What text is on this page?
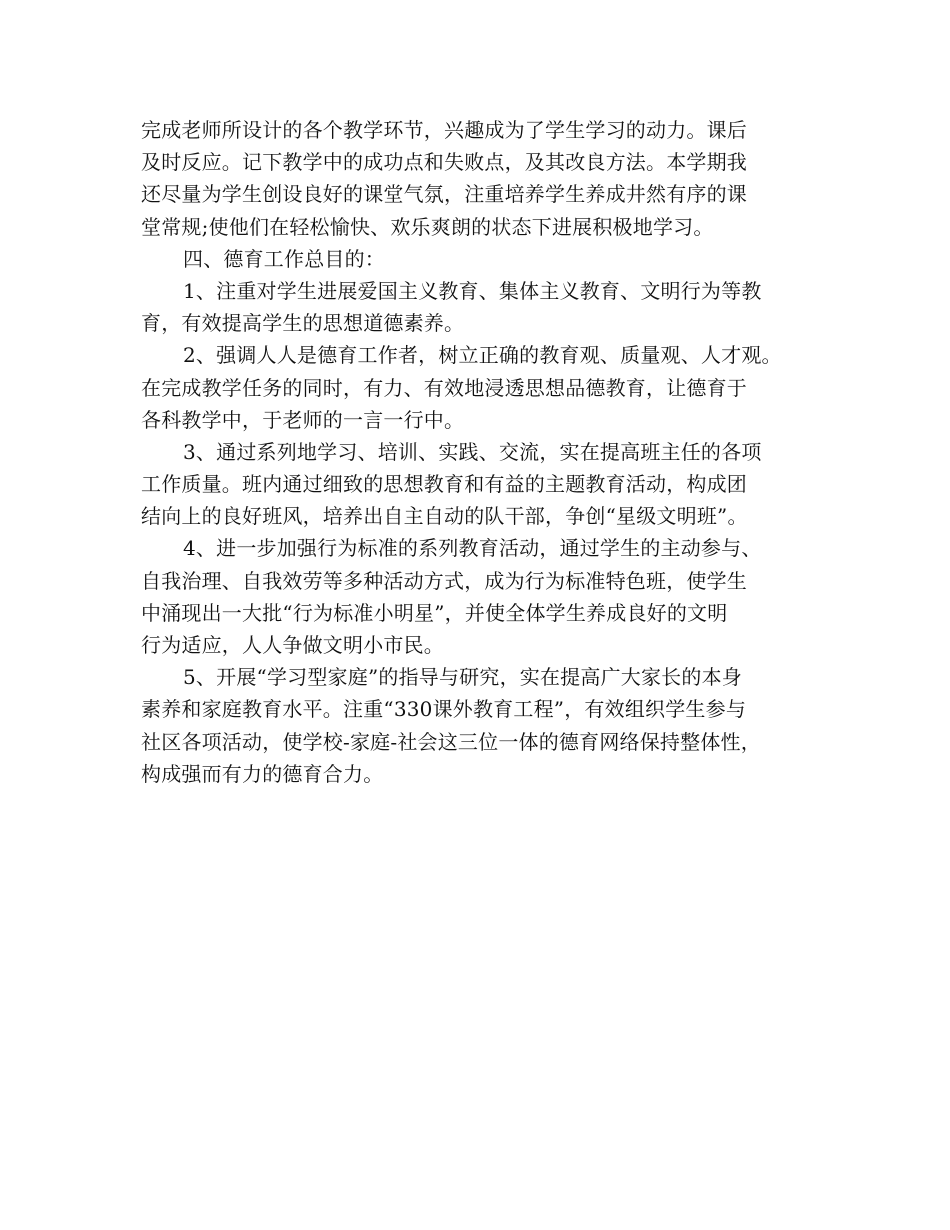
完成老师所设计的各个教学环节，兴趣成为了学生学习的动力。课后
及时反应。记下教学中的成功点和失败点，及其改良方法。本学期我
还尽量为学生创设良好的课堂气氛，注重培养学生养成井然有序的课
堂常规;使他们在轻松愉快、欢乐爽朗的状态下进展积极地学习。
四、德育工作总目的：
1、注重对学生进展爱国主义教育、集体主义教育、文明行为等教
育，有效提高学生的思想道德素养。
2、强调人人是德育工作者，树立正确的教育观、质量观、人才观。
在完成教学任务的同时，有力、有效地浸透思想品德教育，让德育于
各科教学中，于老师的一言一行中。
3、通过系列地学习、培训、实践、交流，实在提高班主任的各项
工作质量。班内通过细致的思想教育和有益的主题教育活动，构成团
结向上的良好班风，培养出自主自动的队干部，争创“星级文明班”。
4、进一步加强行为标准的系列教育活动，通过学生的主动参与、
自我治理、自我效劳等多种活动方式，成为行为标准特色班，使学生
中涌现出一大批“行为标准小明星”，并使全体学生养成良好的文明
行为适应，人人争做文明小市民。
5、开展“学习型家庭”的指导与研究，实在提高广大家长的本身
素养和家庭教育水平。注重“330课外教育工程”，有效组织学生参与
社区各项活动，使学校-家庭-社会这三位一体的德育网络保持整体性，
构成强而有力的德育合力。
